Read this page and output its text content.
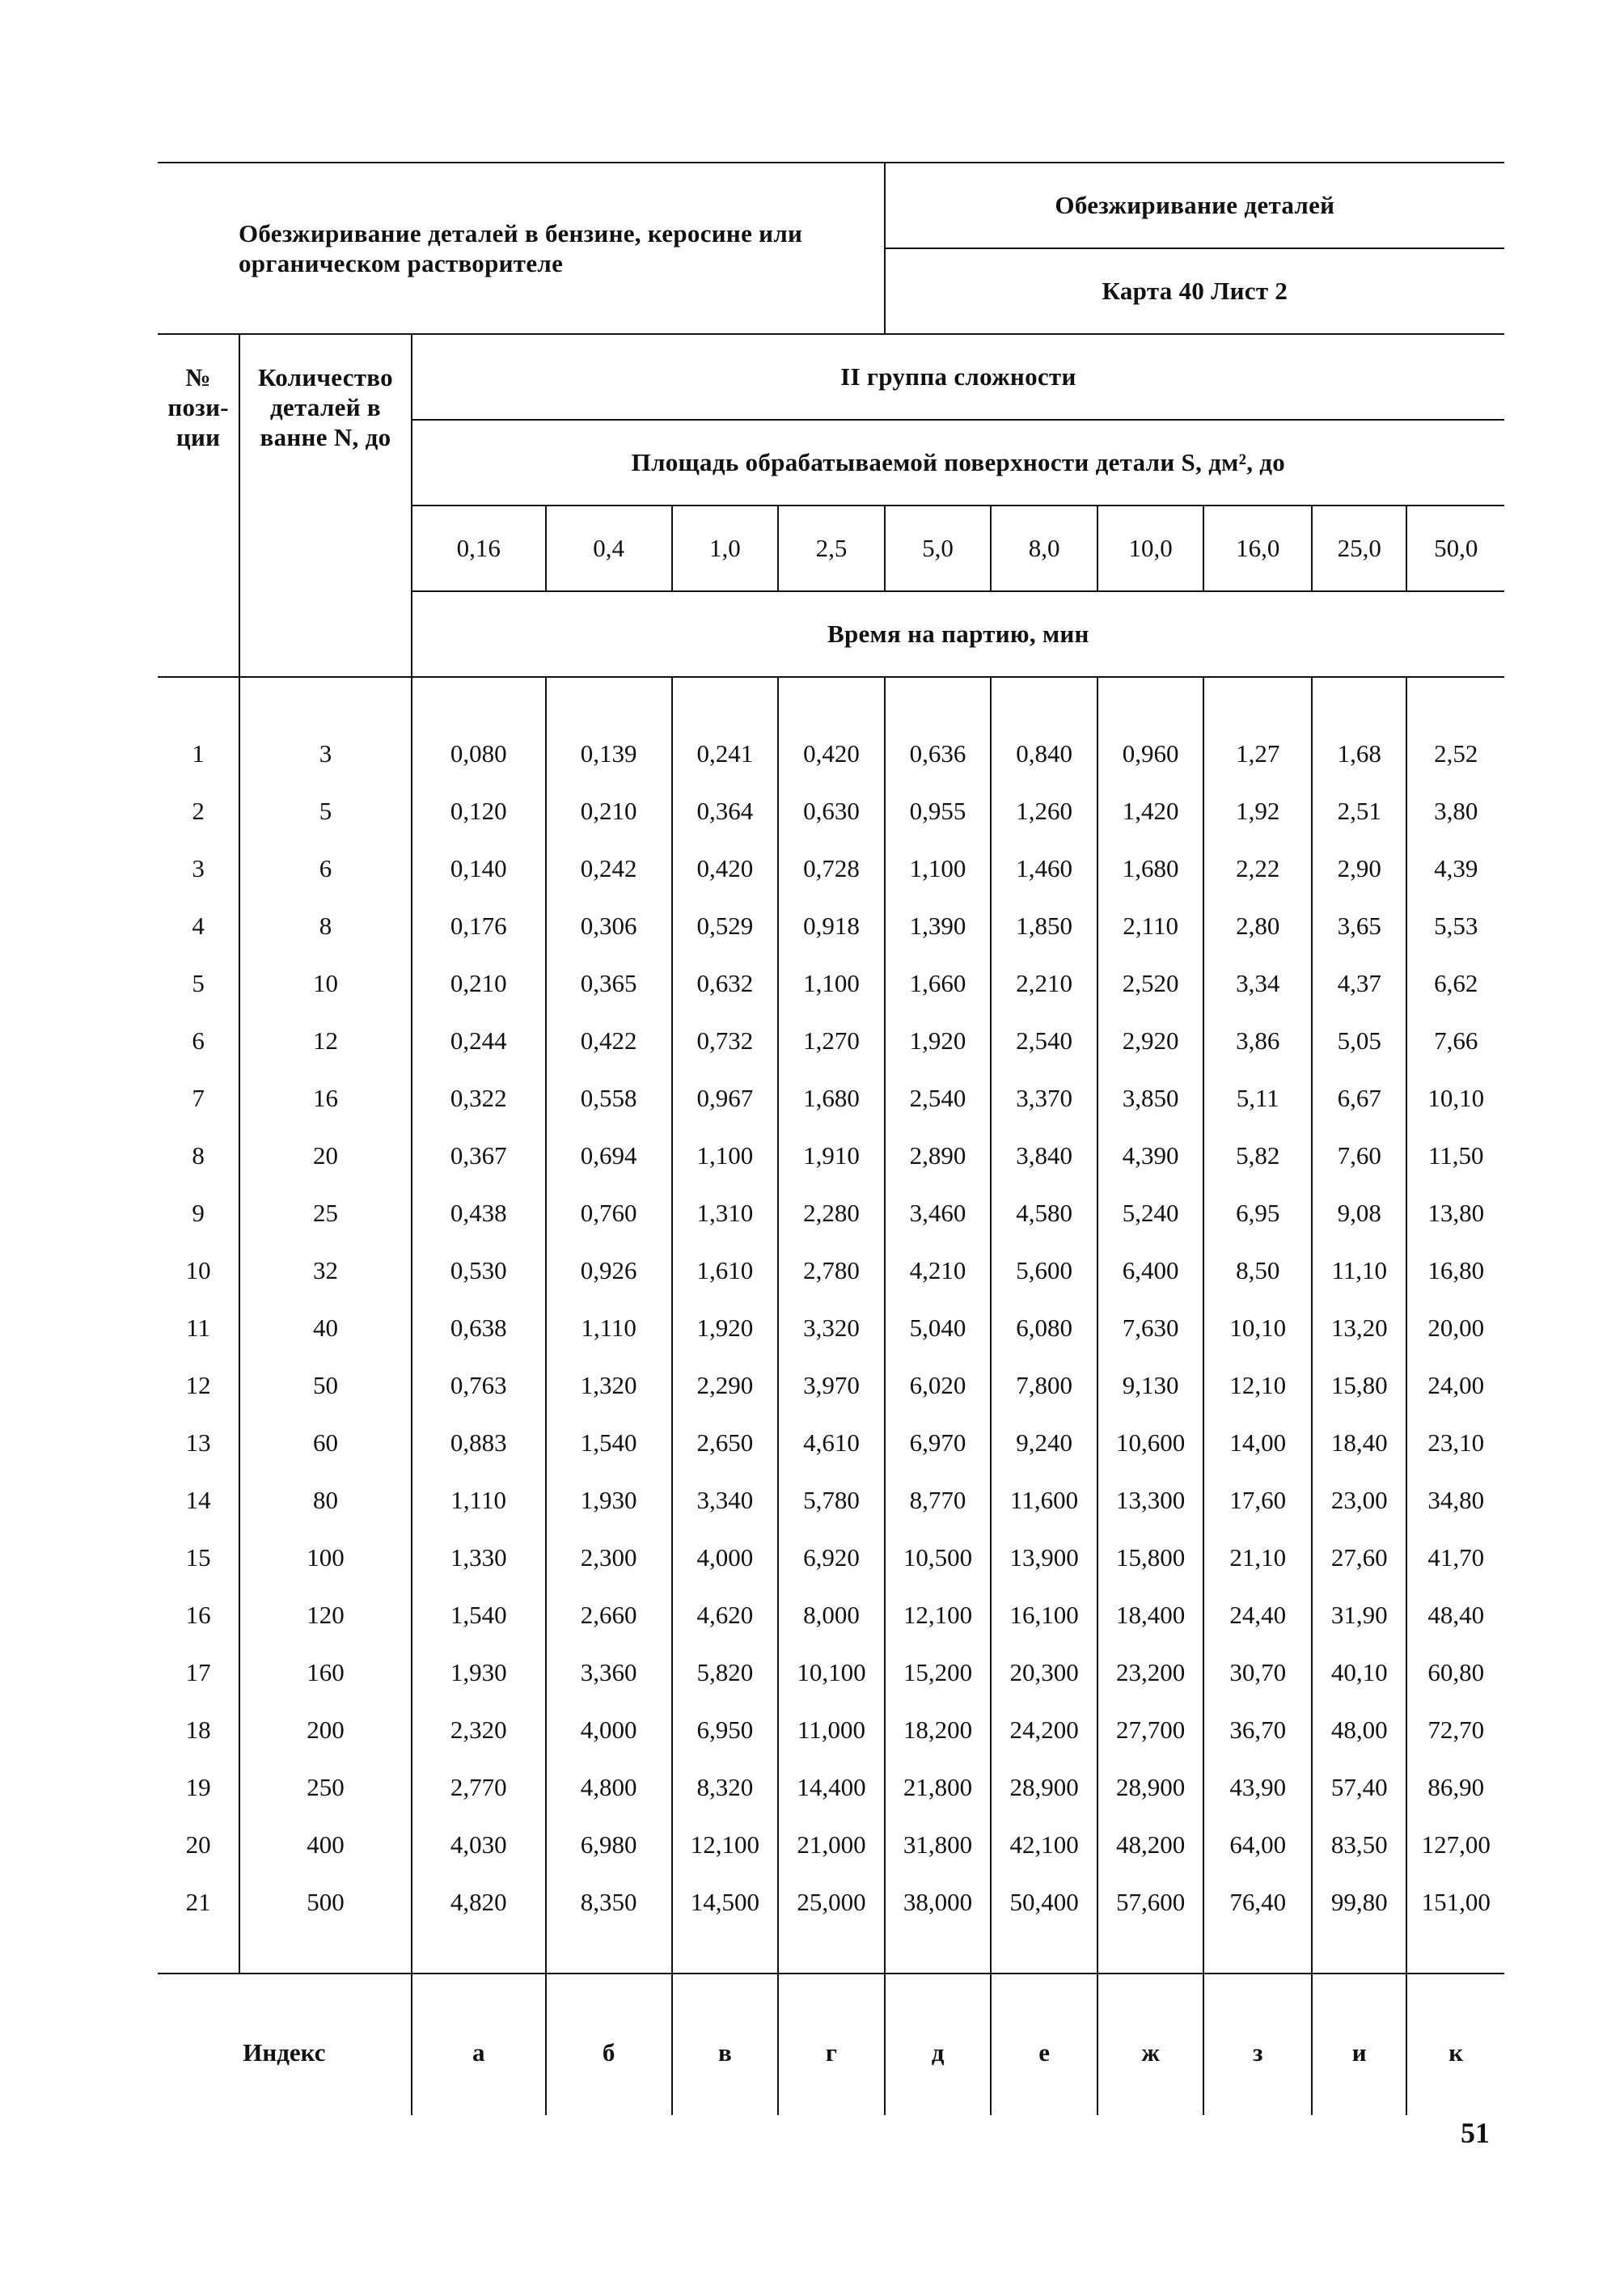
Обезжиривание деталей в бензине, керосине или органическом растворителе						Обезжиривание деталей					
						Карта 40 Лист 2					
№ пози-ции	Количество деталей в ванне N, до	II группа сложности									
		Площадь обрабатываемой поверхности детали S, дм², до									
		0,16	0,4	1,0	2,5	5,0	8,0	10,0	16,0	25,0	50,0
		Время на партию, мин									

1	3	0,080	0,139	0,241	0,420	0,636	0,840	0,960	1,27	1,68	2,52
2	5	0,120	0,210	0,364	0,630	0,955	1,260	1,420	1,92	2,51	3,80
3	6	0,140	0,242	0,420	0,728	1,100	1,460	1,680	2,22	2,90	4,39
4	8	0,176	0,306	0,529	0,918	1,390	1,850	2,110	2,80	3,65	5,53
5	10	0,210	0,365	0,632	1,100	1,660	2,210	2,520	3,34	4,37	6,62
6	12	0,244	0,422	0,732	1,270	1,920	2,540	2,920	3,86	5,05	7,66
7	16	0,322	0,558	0,967	1,680	2,540	3,370	3,850	5,11	6,67	10,10
8	20	0,367	0,694	1,100	1,910	2,890	3,840	4,390	5,82	7,60	11,50
9	25	0,438	0,760	1,310	2,280	3,460	4,580	5,240	6,95	9,08	13,80
10	32	0,530	0,926	1,610	2,780	4,210	5,600	6,400	8,50	11,10	16,80
11	40	0,638	1,110	1,920	3,320	5,040	6,080	7,630	10,10	13,20	20,00
12	50	0,763	1,320	2,290	3,970	6,020	7,800	9,130	12,10	15,80	24,00
13	60	0,883	1,540	2,650	4,610	6,970	9,240	10,600	14,00	18,40	23,10
14	80	1,110	1,930	3,340	5,780	8,770	11,600	13,300	17,60	23,00	34,80
15	100	1,330	2,300	4,000	6,920	10,500	13,900	15,800	21,10	27,60	41,70
16	120	1,540	2,660	4,620	8,000	12,100	16,100	18,400	24,40	31,90	48,40
17	160	1,930	3,360	5,820	10,100	15,200	20,300	23,200	30,70	40,10	60,80
18	200	2,320	4,000	6,950	11,000	18,200	24,200	27,700	36,70	48,00	72,70
19	250	2,770	4,800	8,320	14,400	21,800	28,900	28,900	43,90	57,40	86,90
20	400	4,030	6,980	12,100	21,000	31,800	42,100	48,200	64,00	83,50	127,00
21	500	4,820	8,350	14,500	25,000	38,000	50,400	57,600	76,40	99,80	151,00

Индекс		а	б	в	г	д	е	ж	з	и	к
51
